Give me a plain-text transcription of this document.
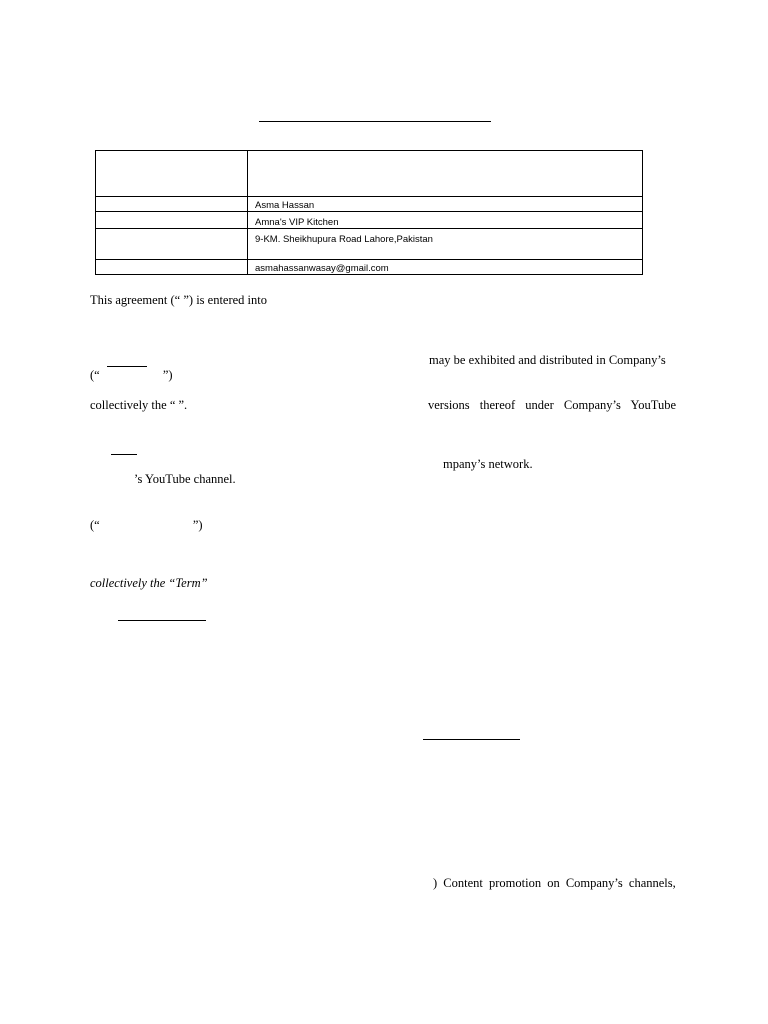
	Asma Hassan
	Amna's VIP Kitchen
	9-KM. Sheikhupura Road Lahore,Pakistan
	asmahassanwasay@gmail.com
This agreement (“ ”) is entered into
may be exhibited and distributed in Company’s
(“ ”)
collectively the “ ”.	versions thereof under Company’s YouTube
mpany’s network.
’s YouTube channel.
(“ ”)
collectively the “Term”
) Content promotion on Company’s channels,
